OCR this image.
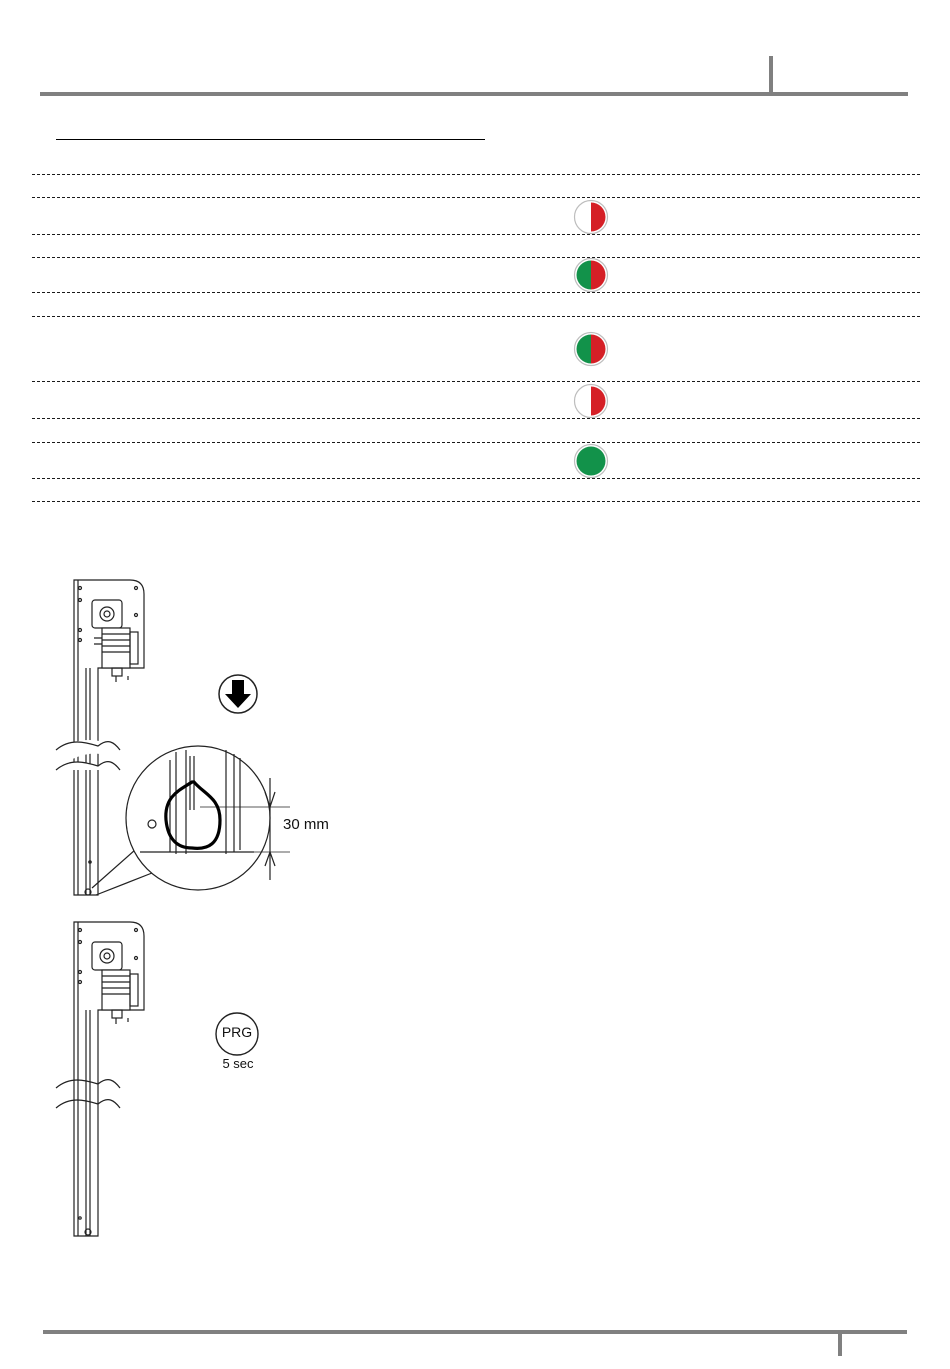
30 mm
PRG
5 sec
